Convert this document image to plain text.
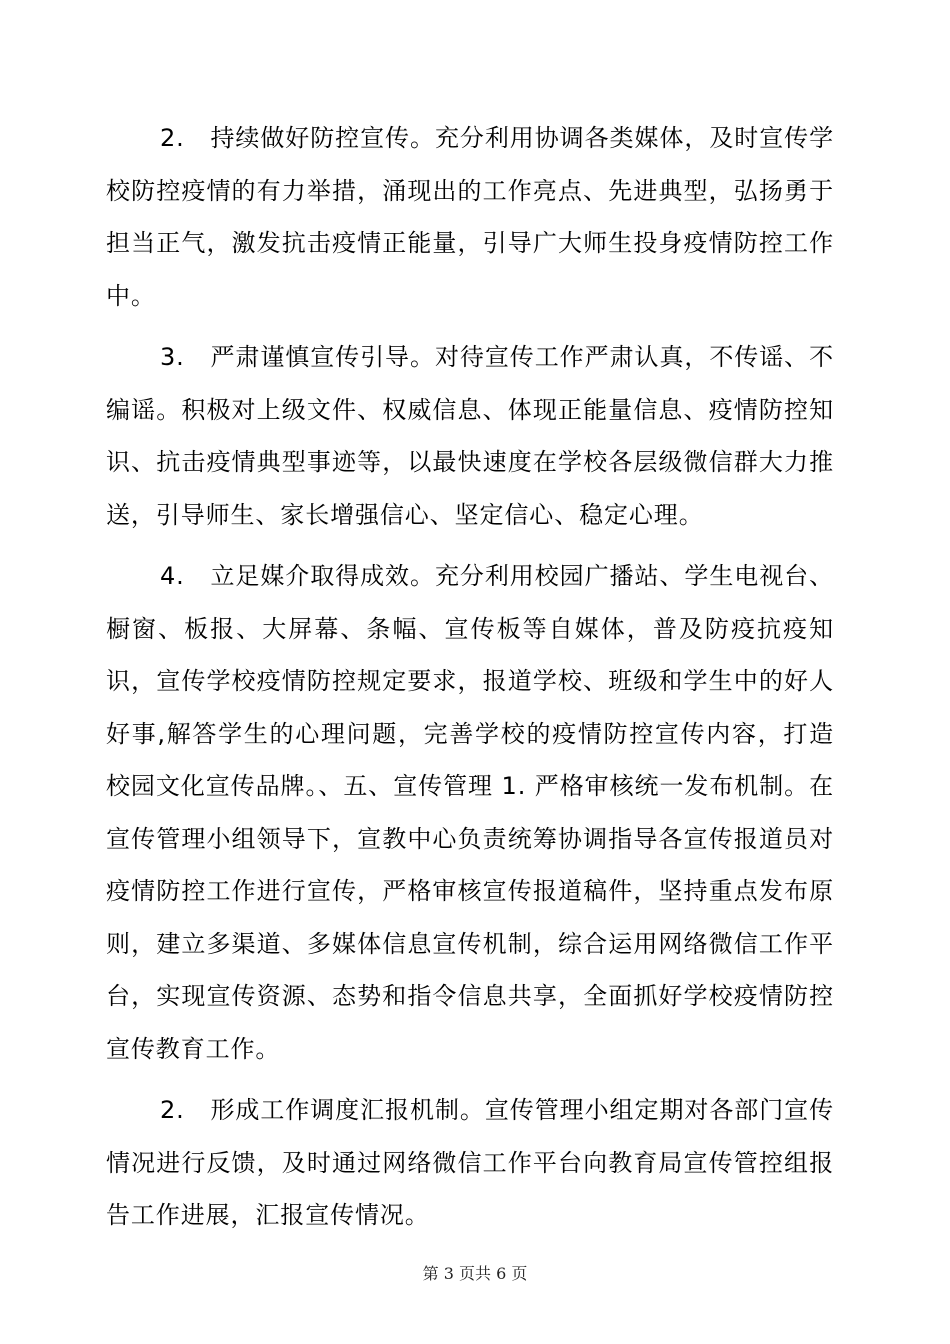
2. 持续做好防控宣传。充分利用协调各类媒体，及时宣传学校防控疫情的有力举措，涌现出的工作亮点、先进典型，弘扬勇于担当正气，激发抗击疫情正能量，引导广大师生投身疫情防控工作中。

3. 严肃谨慎宣传引导。对待宣传工作严肃认真，不传谣、不编谣。积极对上级文件、权威信息、体现正能量信息、疫情防控知识、抗击疫情典型事迹等，以最快速度在学校各层级微信群大力推送，引导师生、家长增强信心、坚定信心、稳定心理。

4. 立足媒介取得成效。充分利用校园广播站、学生电视台、橱窗、板报、大屏幕、条幅、宣传板等自媒体，普及防疫抗疫知识，宣传学校疫情防控规定要求，报道学校、班级和学生中的好人好事,解答学生的心理问题，完善学校的疫情防控宣传内容，打造校园文化宣传品牌。、五、宣传管理 1. 严格审核统一发布机制。在宣传管理小组领导下，宣教中心负责统筹协调指导各宣传报道员对疫情防控工作进行宣传，严格审核宣传报道稿件，坚持重点发布原则，建立多渠道、多媒体信息宣传机制，综合运用网络微信工作平台，实现宣传资源、态势和指令信息共享，全面抓好学校疫情防控宣传教育工作。

2. 形成工作调度汇报机制。宣传管理小组定期对各部门宣传情况进行反馈，及时通过网络微信工作平台向教育局宣传管控组报告工作进展，汇报宣传情况。

第 3 页共 6 页
